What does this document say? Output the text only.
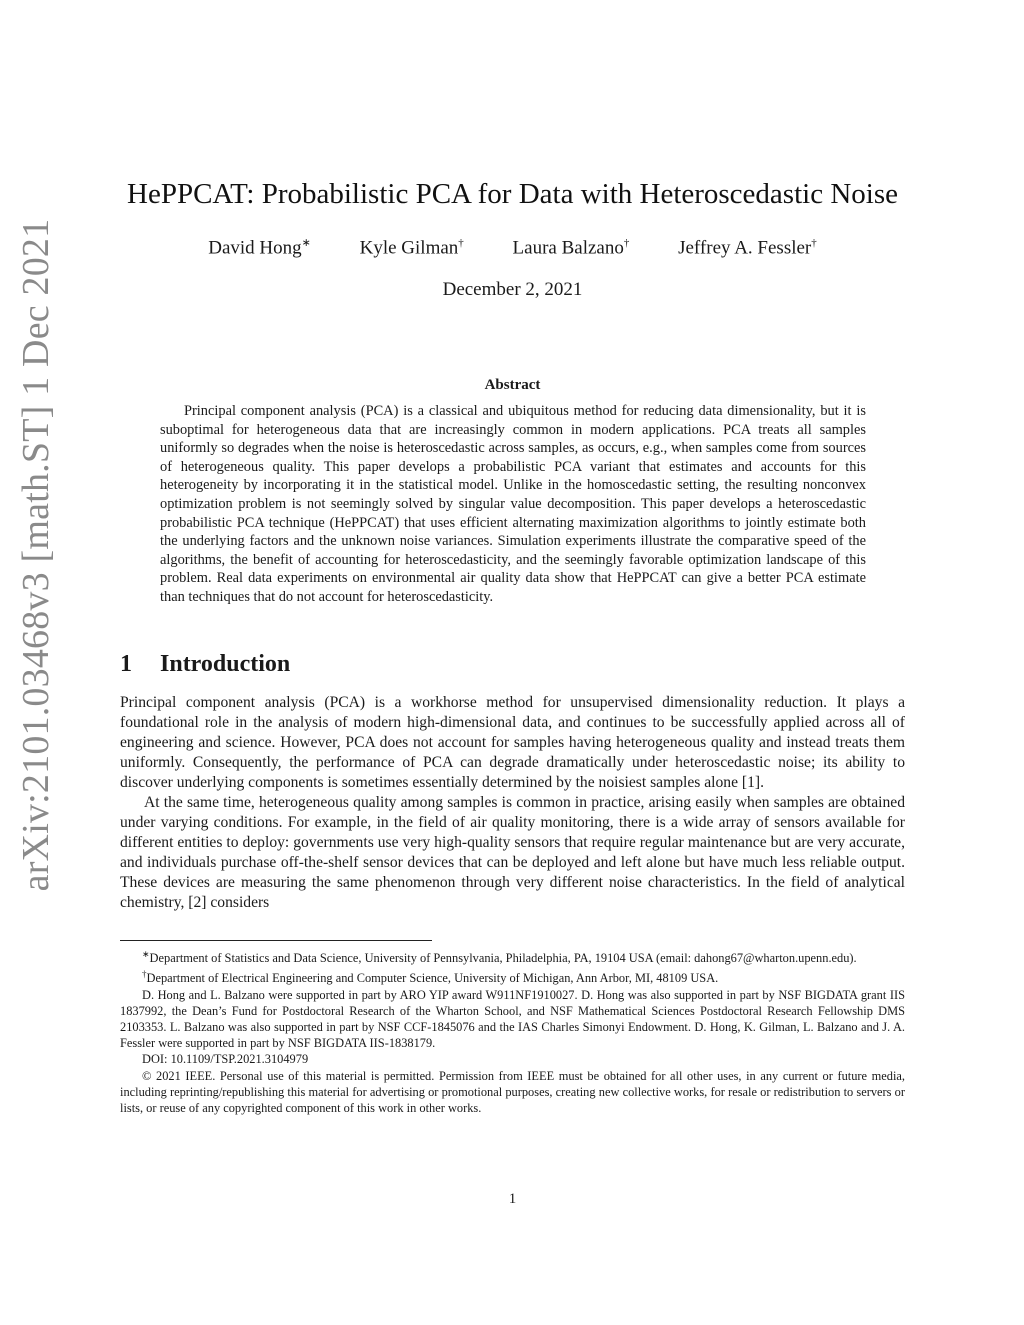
arXiv:2101.03468v3 [math.ST] 1 Dec 2021
HePPCAT: Probabilistic PCA for Data with Heteroscedastic Noise
David Hong∗	Kyle Gilman†	Laura Balzano†	Jeffrey A. Fessler†
December 2, 2021
Abstract

Principal component analysis (PCA) is a classical and ubiquitous method for reducing data dimensionality, but it is suboptimal for heterogeneous data that are increasingly common in modern applications. PCA treats all samples uniformly so degrades when the noise is heteroscedastic across samples, as occurs, e.g., when samples come from sources of heterogeneous quality. This paper develops a probabilistic PCA variant that estimates and accounts for this heterogeneity by incorporating it in the statistical model. Unlike in the homoscedastic setting, the resulting nonconvex optimization problem is not seemingly solved by singular value decomposition. This paper develops a heteroscedastic probabilistic PCA technique (HePPCAT) that uses efficient alternating maximization algorithms to jointly estimate both the underlying factors and the unknown noise variances. Simulation experiments illustrate the comparative speed of the algorithms, the benefit of accounting for heteroscedasticity, and the seemingly favorable optimization landscape of this problem. Real data experiments on environmental air quality data show that HePPCAT can give a better PCA estimate than techniques that do not account for heteroscedasticity.

1 Introduction

Principal component analysis (PCA) is a workhorse method for unsupervised dimensionality reduction. It plays a foundational role in the analysis of modern high-dimensional data, and continues to be successfully applied across all of engineering and science. However, PCA does not account for samples having heterogeneous quality and instead treats them uniformly. Consequently, the performance of PCA can degrade dramatically under heteroscedastic noise; its ability to discover underlying components is sometimes essentially determined by the noisiest samples alone [1].

At the same time, heterogeneous quality among samples is common in practice, arising easily when samples are obtained under varying conditions. For example, in the field of air quality monitoring, there is a wide array of sensors available for different entities to deploy: governments use very high-quality sensors that require regular maintenance but are very accurate, and individuals purchase off-the-shelf sensor devices that can be deployed and left alone but have much less reliable output. These devices are measuring the same phenomenon through very different noise characteristics. In the field of analytical chemistry, [2] considers

∗Department of Statistics and Data Science, University of Pennsylvania, Philadelphia, PA, 19104 USA (email: dahong67@wharton.upenn.edu).

†Department of Electrical Engineering and Computer Science, University of Michigan, Ann Arbor, MI, 48109 USA.

D. Hong and L. Balzano were supported in part by ARO YIP award W911NF1910027. D. Hong was also supported in part by NSF BIGDATA grant IIS 1837992, the Dean’s Fund for Postdoctoral Research of the Wharton School, and NSF Mathematical Sciences Postdoctoral Research Fellowship DMS 2103353. L. Balzano was also supported in part by NSF CCF-1845076 and the IAS Charles Simonyi Endowment. D. Hong, K. Gilman, L. Balzano and J. A. Fessler were supported in part by NSF BIGDATA IIS-1838179.

DOI: 10.1109/TSP.2021.3104979

© 2021 IEEE. Personal use of this material is permitted. Permission from IEEE must be obtained for all other uses, in any current or future media, including reprinting/republishing this material for advertising or promotional purposes, creating new collective works, for resale or redistribution to servers or lists, or reuse of any copyrighted component of this work in other works.

1
